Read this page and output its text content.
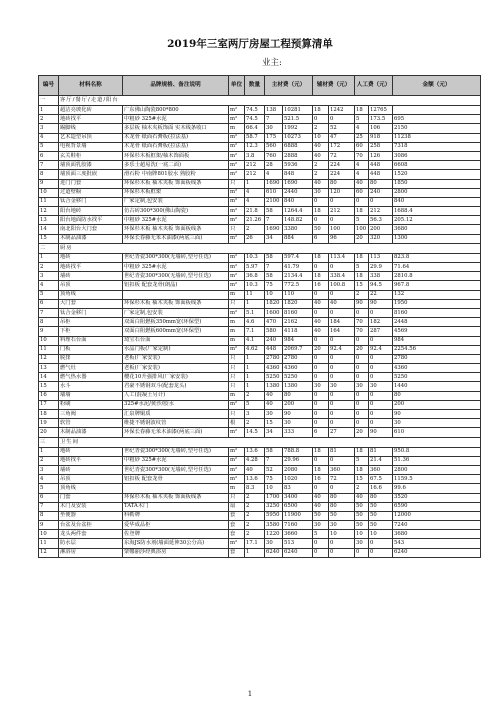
2019年三室两厅房屋工程预算清单
业主:
编号	材料名称	品牌规格、备注说明	单位	数量	主材费（元）		辅材费（元）		人工费（元）		金额（元）
一	客厅/餐厅/走道/阳台										
1	超洁亮玻化砖	广东佛山陶瓷800*800	m²	74.5	138	10281	18	1242	18	12765	
2	地砖找平	中粗砂 325#水泥	m²	74.5	7	521.5	0	0	5	173.5	695
3	踢脚线	多层板 柚木夹板饰面 实木线条收口	m	66.4	30	1992	2	52	4	106	2150
4	艺术造型吊顶	木龙骨 纸面石膏板(拉法基)	m²	58.7	175	10273	10	47	25	918	11238
5	电视背景墙	木龙骨 纸面石膏板(拉法基)	m²	12.3	560	6888	40	172	60	258	7318
6	玄关鞋柜	环保杉木板框架/柚木饰面板	m²	3.8	760	2888	40	72	70	126	3086
7	墙顶面乳胶漆	多乐士超易洗(一底二面)	m²	212	28	5936	2	224	4	448	6608
8	墙顶面三度批嵌	滑石粉 中南牌801胶水 熟胶粉	m²	212	4	848	2	224	4	448	1520
9	进门门套	环保杉木板 柚木夹板 饰面板线条	只	1	1690	1690	40	80	40	80	1850
10	过道壁橱	环保杉木板框架	m²	4	610	2440	30	120	60	240	2800
11	钛合金移门	厂家定制,包安装	m²	4	2100	840	0	0	0	0	840
12	阳台地砖	仿古砖300*300(佛山陶瓷)	m²	21.8	58	1264.4	18	212	18	212	1688.4
13	阳台地面防水找平	中粗砂 325#水泥	m²	21.26	7	148.82	0	0	5	56.3	205.12
14	南北阳台大门套	环保杉木板 柚木夹板 饰面板线条	只	2	1690	3380	50	100	100	200	3680
15	木制品油漆	环保长春藤无苯木油漆(两底三面)	m²	26	34	884	6	96	20	320	1300
二	厨房										
1	地砖	世纪青瓷300*300(无墙砖,型号任选)	m²	10.3	58	597.4	18	113.4	18	113	823.8
2	地砖找平	中粗砂 325#水泥	m²	5.97	7	41.79	0	0	5	29.9	71.64
3	墙砖	世纪青瓷300*300(无墙砖,型号任选)	m²	36.8	58	2134.4	18	338.4	18	338	2810.8
4	吊顶	铝扣板 配套龙骨(朗晶)	m²	10.3	75	772.5	16	100.8	15	94.5	967.8
5	顶角线		m	11	10	110	0	0	2	22	132
6	大门套	环保杉木板 柚木夹板 饰面板线条	只	1	1820	1820	40	40	90	90	1950
7	钛合金移门	厂家定制,包安装	m²	5.1	1600	8160	0	0	0	0	8160
8	吊柜	双面白阻燃板350mm宽(环保型)	m	4.6	470	2162	40	184	70	182	2448
9	下柜	双面白阻燃板600mm宽(环保型)	m	7.1	580	4118	40	164	70	287	4569
10	料理石台面	琦宝石台面	m	4.1	240	984	0	0	0	0	984
11	门板	水晶门板(厂家定制)	m²	4.62	448	2069.7	20	92.4	20	92.4	2254.56
12	脱排	老板(厂家安装)	只	1	2780	2780	0	0	0	0	2780
13	燃气灶	老板(厂家安装)	只	1	4360	4360	0	0	0	0	4360
14	燃气热水器	樱花10升强排风(厂家安装)	只	1	5250	5250	0	0	0	0	5250
15	水斗	君豪不锈钢双斗(配套龙头)	只	1	1380	1380	30	30	30	30	1440
16	墙墙	人工(混凝土另计)	m	2	40	80	0	0	0	0	80
17	粉刷	325#水泥/黄沙/胶水	m²	5	40	200	0	0	0	0	200
18	三角阀	汇泉牌铜质	只	3	30	90	0	0	0	0	90
19	软管	维捷不锈钢波纹管	根	2	15	30	0	0	0	0	30
20	木制品油漆	环保长春藤无苯木油漆(两底三面)	m²	14.5	34	333	6	27	20	90	610
三	卫生间										
1	地砖	世纪青瓷300*300(无墙砖,型号任选)	m²	13.6	58	788.8	18	81	18	81	950.8
2	地砖找平	中粗砂 325#水泥	m²	4.28	7	29.96	0	0	5	21.4	51.36
3	墙砖	世纪青瓷300*300(无墙砖,型号任选)	m²	40	52	2080	18	360	18	360	2800
4	吊顶	铝扣板 配套龙骨	m²	13.6	75	1020	16	72	15	67.5	1159.5
5	顶角线		m	8.3	10	83	0	0	2	16.6	99.6
6	门套	环保杉木板 柚木夹板 饰面板线条	只	2	1700	3400	40	80	40	80	3520
7	木门及安装	TATA木门	扇	2	3250	6500	40	80	50	50	6590
8	坐便器	科勒牌	套	2	5950	11900	50	50	50	50	12000
9	台盆及台盆柜	爱华成品柜	套	2	3580	7160	30	30	50	50	7240
10	龙头两件套	佐登牌	套	2	1220	3660	5	10	10	10	3680
11	防水层	东海JS防水剂(墙面延伸30公分高)	m²	17.1	30	513	0	0	30	0	543
12	淋浴房	蒙娜丽莎经典浴房	套	1	6240	6240	0	0	0	0	6240
1
